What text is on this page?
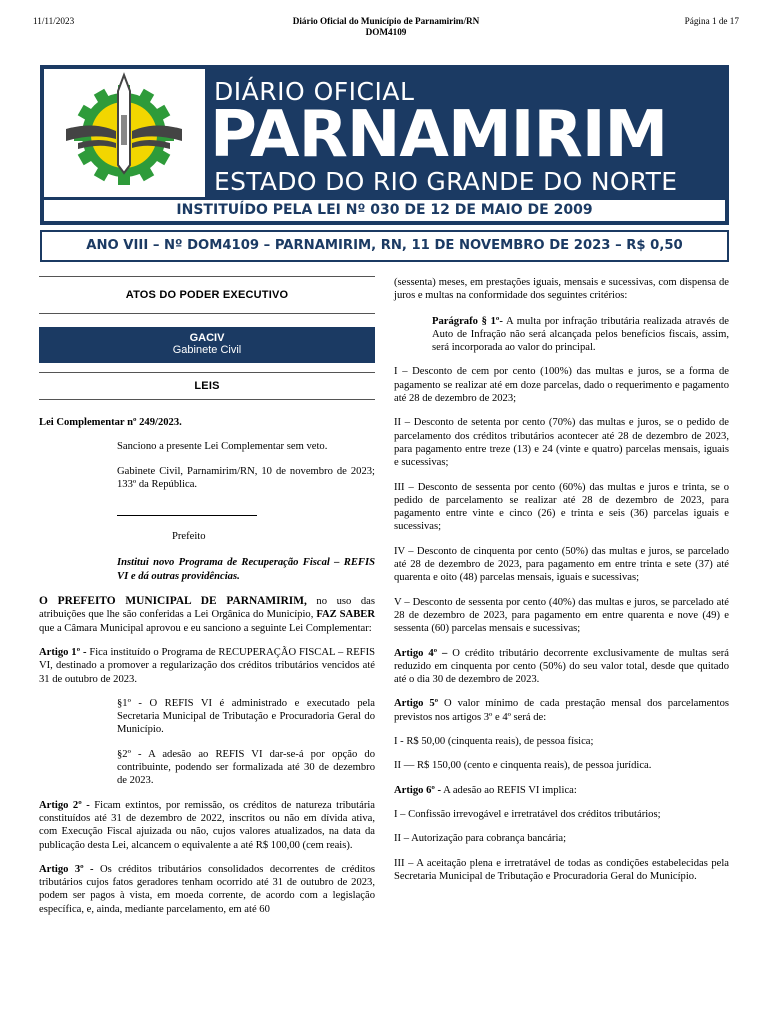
11/11/2023	Diário Oficial do Município de Parnamirim/RN
DOM4109
Página 1 de 17
DIÁRIO OFICIAL
PARNAMIRIM
ESTADO DO RIO GRANDE DO NORTE
INSTITUÍDO PELA LEI Nº 030 DE 12 DE MAIO DE 2009
ANO VIII – Nº DOM4109 – PARNAMIRIM, RN, 11 DE NOVEMBRO DE 2023 – R$ 0,50
ATOS DO PODER EXECUTIVO
GACIV
Gabinete Civil
LEIS

Lei Complementar nº 249/2023.

Sanciono a presente Lei Complementar sem veto.

Gabinete Civil, Parnamirim/RN, 10 de novembro de 2023; 133º da República.

Prefeito

Institui novo Programa de Recuperação Fiscal – REFIS VI e dá outras providências.

O PREFEITO MUNICIPAL DE PARNAMIRIM, no uso das atribuições que lhe são conferidas a Lei Orgânica do Município, FAZ SABER que a Câmara Municipal aprovou e eu sanciono a seguinte Lei Complementar:

Artigo 1º - Fica instituído o Programa de RECUPERAÇÃO FISCAL – REFIS VI, destinado a promover a regularização dos créditos tributários vencidos até 31 de outubro de 2023.

§1º - O REFIS VI é administrado e executado pela Secretaria Municipal de Tributação e Procuradoria Geral do Município.

§2º - A adesão ao REFIS VI dar-se-á por opção do contribuinte, podendo ser formalizada até 30 de dezembro de 2023.

Artigo 2º - Ficam extintos, por remissão, os créditos de natureza tributária constituídos até 31 de dezembro de 2022, inscritos ou não em dívida ativa, com Execução Fiscal ajuizada ou não, cujos valores atualizados, na data da publicação desta Lei, alcancem o equivalente a até R$ 100,00 (cem reais).

Artigo 3º - Os créditos tributários consolidados decorrentes de créditos tributários cujos fatos geradores tenham ocorrido até 31 de outubro de 2023, podem ser pagos à vista, em moeda corrente, de acordo com a legislação específica, e, ainda, mediante parcelamento, em até 60

(sessenta) meses, em prestações iguais, mensais e sucessivas, com dispensa de juros e multas na conformidade dos seguintes critérios:

Parágrafo § 1º- A multa por infração tributária realizada através de Auto de Infração não será alcançada pelos benefícios fiscais, assim, será incorporada ao valor do principal.

I – Desconto de cem por cento (100%) das multas e juros, se a forma de pagamento se realizar até em doze parcelas, dado o requerimento e pagamento até 28 de dezembro de 2023;

II – Desconto de setenta por cento (70%) das multas e juros, se o pedido de parcelamento dos créditos tributários acontecer até 28 de dezembro de 2023, para pagamento entre treze (13) e 24 (vinte e quatro) parcelas mensais, iguais e sucessivas;

III – Desconto de sessenta por cento (60%) das multas e juros e trinta, se o pedido de parcelamento se realizar até 28 de dezembro de 2023, para pagamento entre vinte e cinco (26) e trinta e seis (36) parcelas iguais e sucessivas;

IV – Desconto de cinquenta por cento (50%) das multas e juros, se parcelado até 28 de dezembro de 2023, para pagamento em entre trinta e sete (37) até quarenta e oito (48) parcelas mensais, iguais e sucessivas;

V – Desconto de sessenta por cento (40%) das multas e juros, se parcelado até 28 de dezembro de 2023, para pagamento em entre quarenta e nove (49) e sessenta (60) parcelas mensais e sucessivas;

Artigo 4º – O crédito tributário decorrente exclusivamente de multas será reduzido em cinquenta por cento (50%) do seu valor total, desde que quitado até o dia 30 de dezembro de 2023.

Artigo 5º O valor mínimo de cada prestação mensal dos parcelamentos previstos nos artigos 3º e 4º será de:

I - R$ 50,00 (cinquenta reais), de pessoa física;

II — R$ 150,00 (cento e cinquenta reais), de pessoa jurídica.

Artigo 6º - A adesão ao REFIS VI implica:

I – Confissão irrevogável e irretratável dos créditos tributários;

II – Autorização para cobrança bancária;

III – A aceitação plena e irretratável de todas as condições estabelecidas pela Secretaria Municipal de Tributação e Procuradoria Geral do Município.
